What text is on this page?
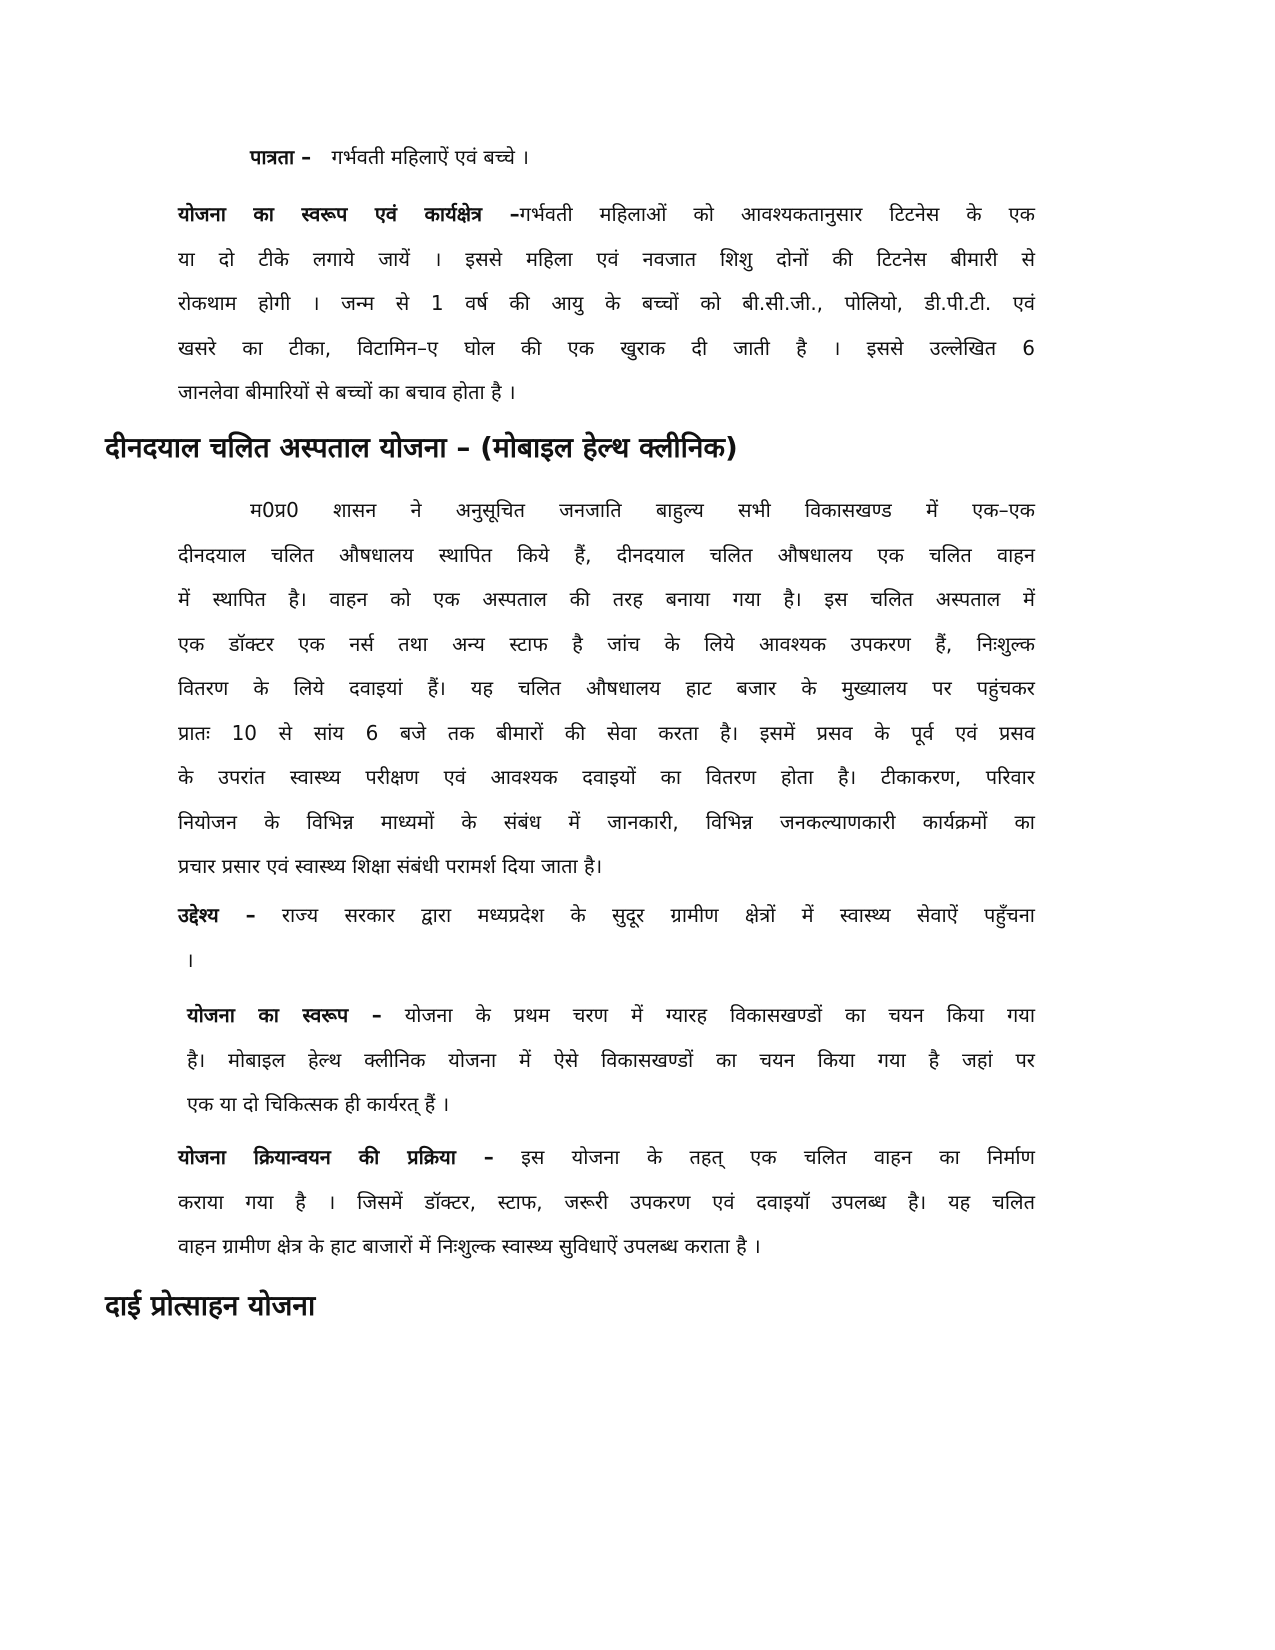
पात्रता – गर्भवती महिलाऐं एवं बच्चे ।

योजना का स्वरूप एवं कार्यक्षेत्र –गर्भवती महिलाओं को आवश्यकतानुसार टिटनेस के एक
या दो टीके लगाये जायें । इससे महिला एवं नवजात शिशु दोनों की टिटनेस बीमारी से
रोकथाम होगी । जन्म से 1 वर्ष की आयु के बच्चों को बी.सी.जी., पोलियो, डी.पी.टी. एवं
खसरे का टीका, विटामिन–ए घोल की एक खुराक दी जाती है । इससे उल्लेखित 6
जानलेवा बीमारियों से बच्चों का बचाव होता है ।
दीनदयाल चलित अस्पताल योजना – (मोबाइल हेल्थ क्लीनिक)
म0प्र0 शासन ने अनुसूचित जनजाति बाहुल्य सभी विकासखण्ड में एक–एक
दीनदयाल चलित औषधालय स्थापित किये हैं, दीनदयाल चलित औषधालय एक चलित वाहन
में स्थापित है। वाहन को एक अस्पताल की तरह बनाया गया है। इस चलित अस्पताल में
एक डॉक्टर एक नर्स तथा अन्य स्टाफ है जांच के लिये आवश्यक उपकरण हैं, निःशुल्क
वितरण के लिये दवाइयां हैं। यह चलित औषधालय हाट बजार के मुख्यालय पर पहुंचकर
प्रातः 10 से सांय 6 बजे तक बीमारों की सेवा करता है। इसमें प्रसव के पूर्व एवं प्रसव
के उपरांत स्वास्थ्य परीक्षण एवं आवश्यक दवाइयों का वितरण होता है। टीकाकरण, परिवार
नियोजन के विभिन्न माध्यमों के संबंध में जानकारी, विभिन्न जनकल्याणकारी कार्यक्रमों का
प्रचार प्रसार एवं स्वास्थ्य शिक्षा संबंधी परामर्श दिया जाता है।
उद्देश्य – राज्य सरकार द्वारा मध्यप्रदेश के सुदूर ग्रामीण क्षेत्रों में स्वास्थ्य सेवाऐं पहुँचना
।
योजना का स्वरूप – योजना के प्रथम चरण में ग्यारह विकासखण्डों का चयन किया गया
है। मोबाइल हेल्थ क्लीनिक योजना में ऐसे विकासखण्डों का चयन किया गया है जहां पर
एक या दो चिकित्सक ही कार्यरत् हैं ।
योजना क्रियान्वयन की प्रक्रिया – इस योजना के तहत् एक चलित वाहन का निर्माण
कराया गया है । जिसमें डॉक्टर, स्टाफ, जरूरी उपकरण एवं दवाइयॉ उपलब्ध है। यह चलित
वाहन ग्रामीण क्षेत्र के हाट बाजारों में निःशुल्क स्वास्थ्य सुविधाऐं उपलब्ध कराता है ।
दाई प्रोत्साहन योजना
